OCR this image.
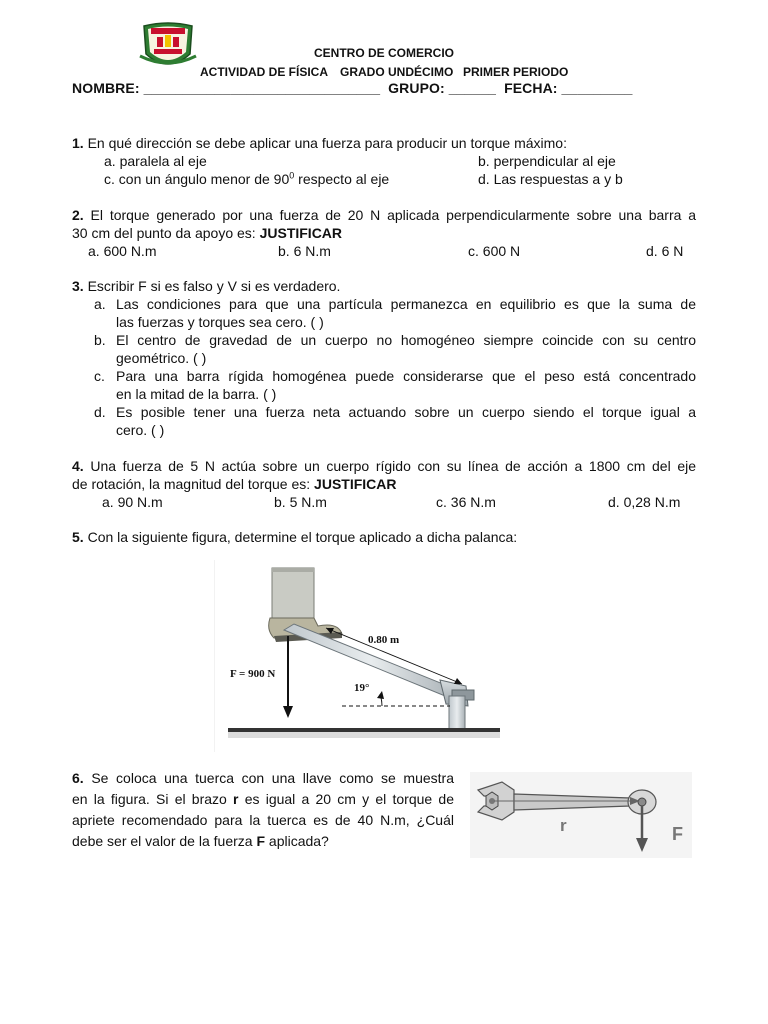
CENTRO DE COMERCIO
ACTIVIDAD DE FÍSICA GRADO UNDÉCIMO PRIMER PERIODO
NOMBRE: ______________________________ GRUPO: ______ FECHA: _________
1. En qué dirección se debe aplicar una fuerza para producir un torque máximo:
a. paralela al eje	b. perpendicular al eje
c. con un ángulo menor de $90^0$ respecto al eje	d. Las respuestas a y b
2. El torque generado por una fuerza de 20 N aplicada perpendicularmente sobre una barra a
30 cm del punto da apoyo es: JUSTIFICAR
a. 600 N.m	b. 6 N.m	c. 600 N	d. 6 N
3. Escribir F si es falso y V si es verdadero.
a. Las condiciones para que una partícula permanezca en equilibrio es que la suma de
las fuerzas y torques sea cero. ( )
b. El centro de gravedad de un cuerpo no homogéneo siempre coincide con su centro
geométrico. ( )
c. Para una barra rígida homogénea puede considerarse que el peso está concentrado
en la mitad de la barra. ( )
d. Es posible tener una fuerza neta actuando sobre un cuerpo siendo el torque igual a
cero. ( )
4. Una fuerza de 5 N actúa sobre un cuerpo rígido con su línea de acción a 1800 cm del eje
de rotación, la magnitud del torque es: JUSTIFICAR
a. 90 N.m	b. 5 N.m	c. 36 N.m	d. 0,28 N.m
5. Con la siguiente figura, determine el torque aplicado a dicha palanca:
0.80 m
F = 900 N
19°
6. Se coloca una tuerca con una llave como se muestra
en la figura. Si el brazo r es igual a 20 cm y el torque de
apriete recomendado para la tuerca es de 40 N.m, ¿Cuál
debe ser el valor de la fuerza F aplicada?
r	F
